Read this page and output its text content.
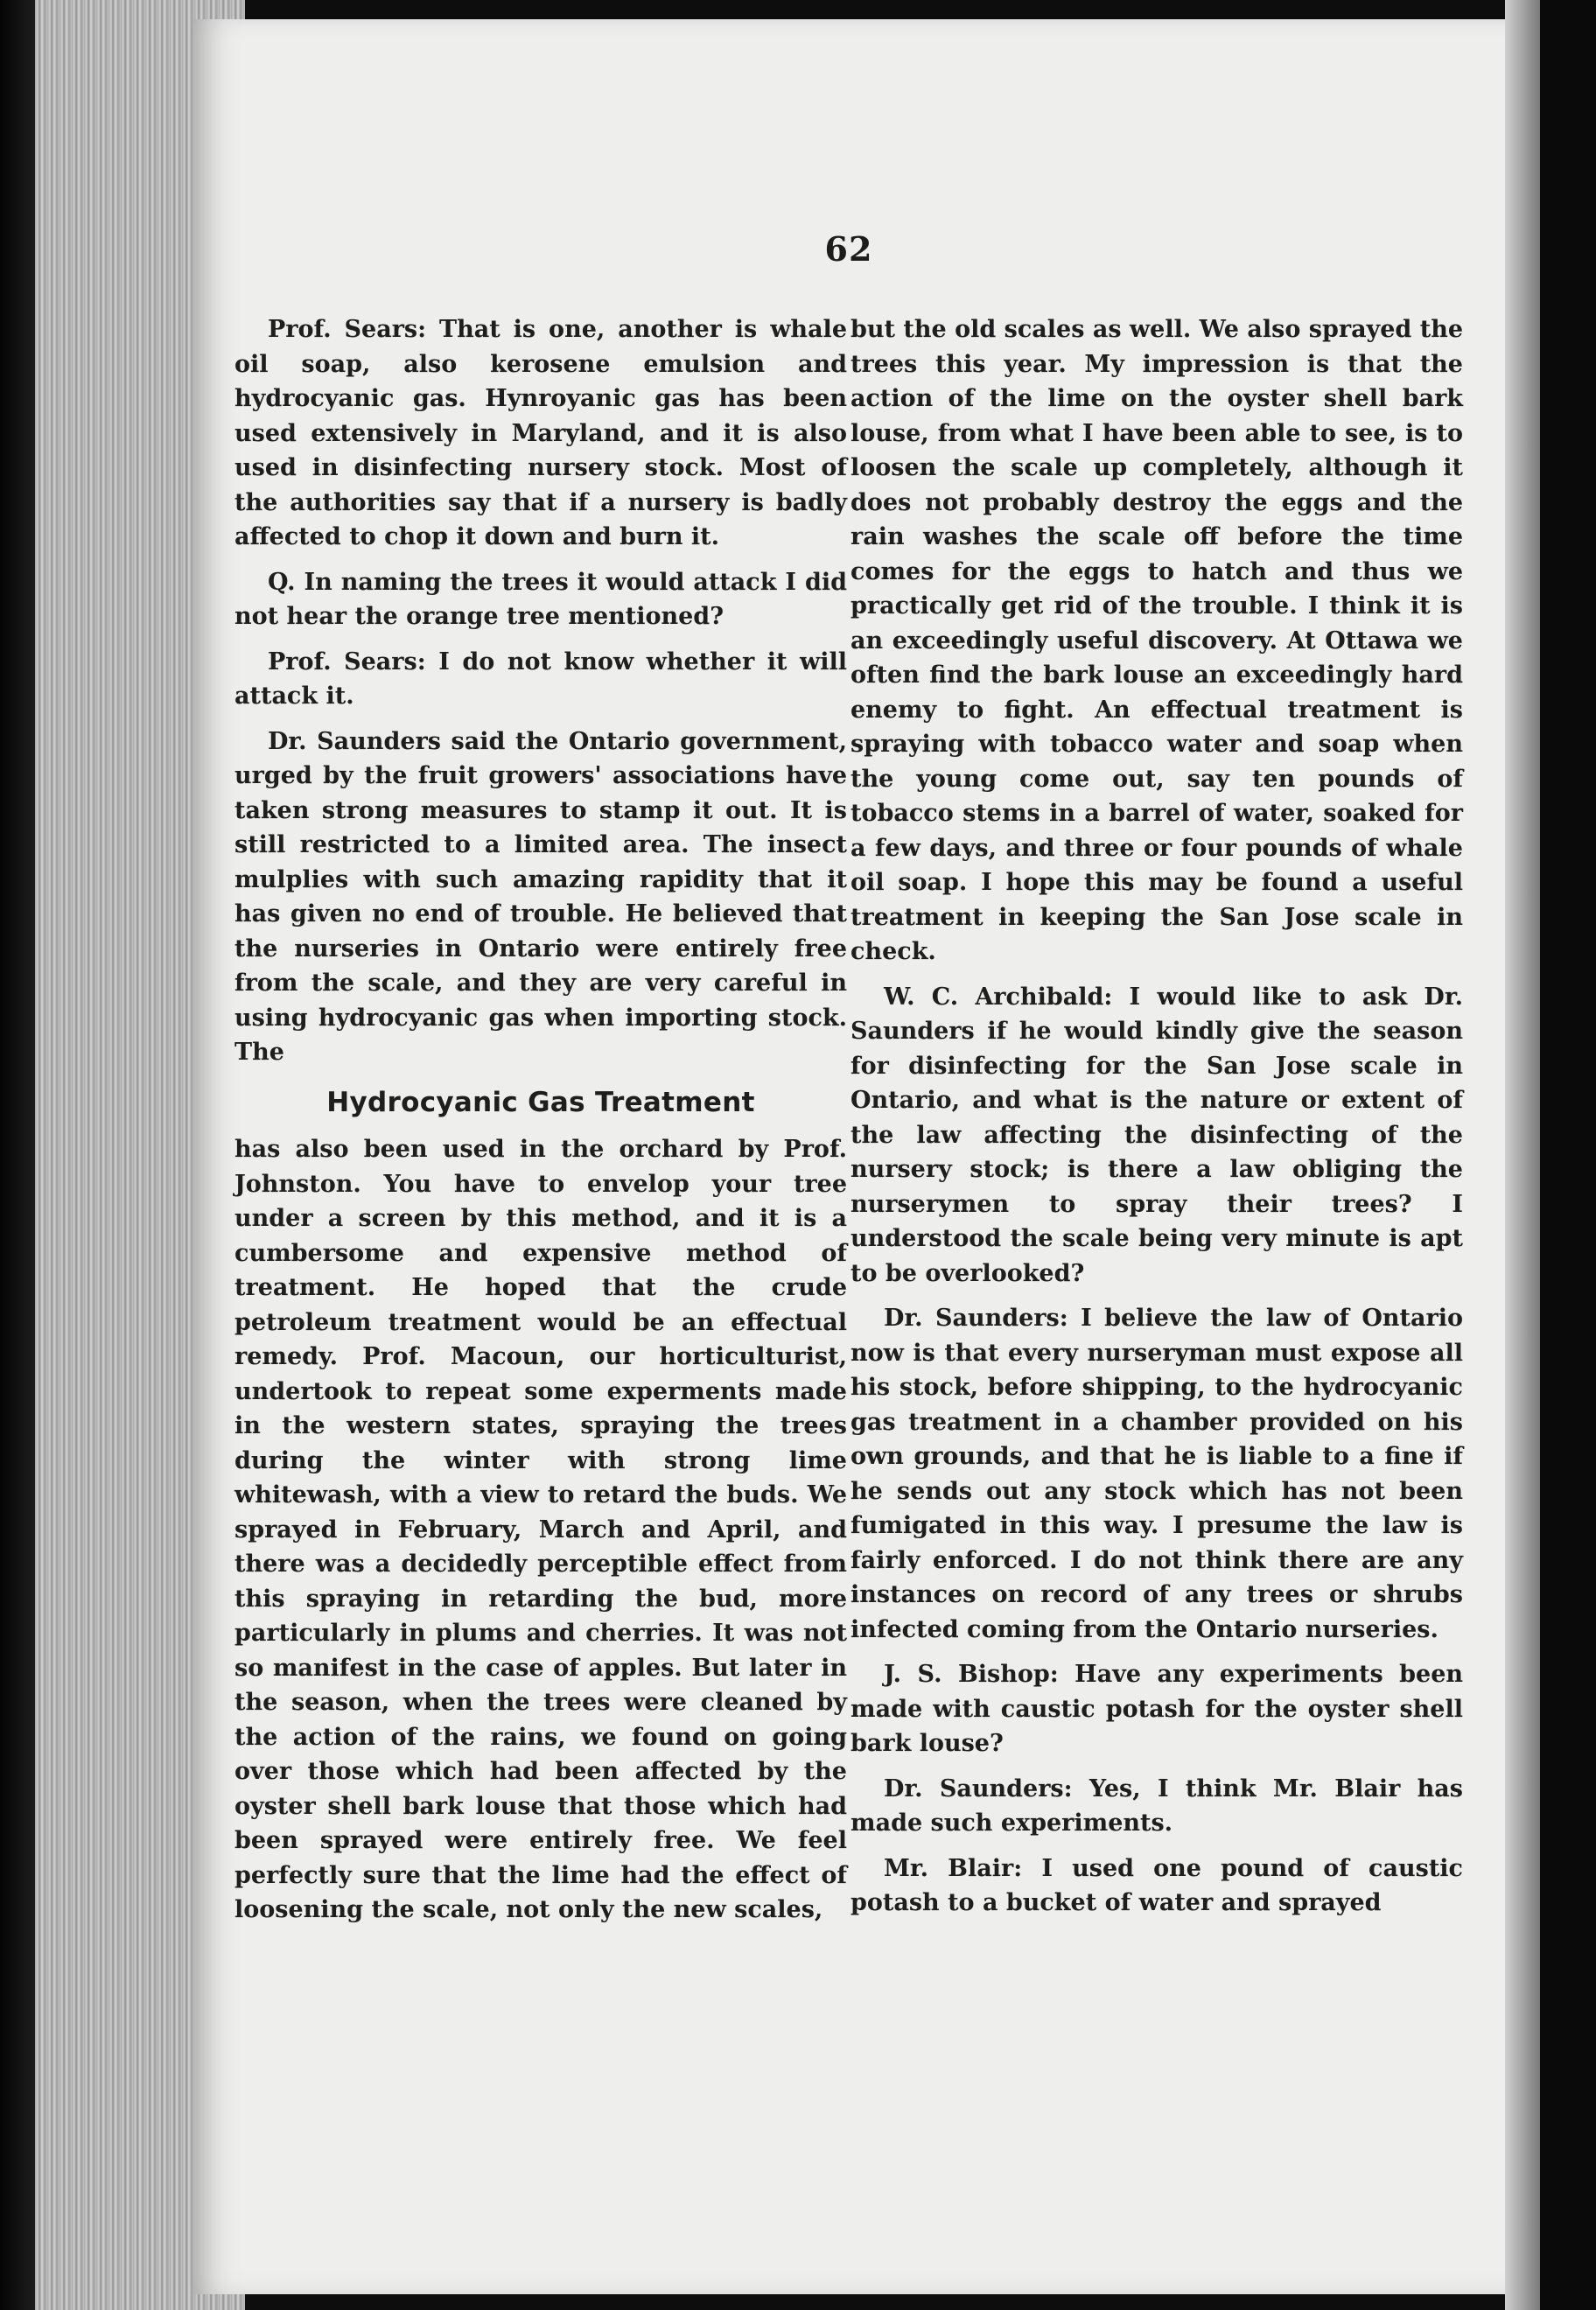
62

Prof. Sears: That is one, another is whale oil soap, also kerosene emulsion and hydrocyanic gas. Hynroyanic gas has been used extensively in Maryland, and it is also used in disinfecting nursery stock. Most of the authorities say that if a nursery is badly affected to chop it down and burn it.

Q. In naming the trees it would attack I did not hear the orange tree mentioned?

Prof. Sears: I do not know whether it will attack it.

Dr. Saunders said the Ontario government, urged by the fruit growers' associations have taken strong measures to stamp it out. It is still restricted to a limited area. The insect mulplies with such amazing rapidity that it has given no end of trouble. He believed that the nurseries in Ontario were entirely free from the scale, and they are very careful in using hydrocyanic gas when importing stock. The

Hydrocyanic Gas Treatment

has also been used in the orchard by Prof. Johnston. You have to envelop your tree under a screen by this method, and it is a cumbersome and expensive method of treatment. He hoped that the crude petroleum treatment would be an effectual remedy. Prof. Macoun, our horticulturist, undertook to repeat some experments made in the western states, spraying the trees during the winter with strong lime whitewash, with a view to retard the buds. We sprayed in February, March and April, and there was a decidedly perceptible effect from this spraying in retarding the bud, more particularly in plums and cherries. It was not so manifest in the case of apples. But later in the season, when the trees were cleaned by the action of the rains, we found on going over those which had been affected by the oyster shell bark louse that those which had been sprayed were entirely free. We feel perfectly sure that the lime had the effect of loosening the scale, not only the new scales,

but the old scales as well. We also sprayed the trees this year. My impression is that the action of the lime on the oyster shell bark louse, from what I have been able to see, is to loosen the scale up completely, although it does not probably destroy the eggs and the rain washes the scale off before the time comes for the eggs to hatch and thus we practically get rid of the trouble. I think it is an exceedingly useful discovery. At Ottawa we often find the bark louse an exceedingly hard enemy to fight. An effectual treatment is spraying with tobacco water and soap when the young come out, say ten pounds of tobacco stems in a barrel of water, soaked for a few days, and three or four pounds of whale oil soap. I hope this may be found a useful treatment in keeping the San Jose scale in check.

W. C. Archibald: I would like to ask Dr. Saunders if he would kindly give the season for disinfecting for the San Jose scale in Ontario, and what is the nature or extent of the law affecting the disinfecting of the nursery stock; is there a law obliging the nurserymen to spray their trees? I understood the scale being very minute is apt to be overlooked?

Dr. Saunders: I believe the law of Ontario now is that every nurseryman must expose all his stock, before shipping, to the hydrocyanic gas treatment in a chamber provided on his own grounds, and that he is liable to a fine if he sends out any stock which has not been fumigated in this way. I presume the law is fairly enforced. I do not think there are any instances on record of any trees or shrubs infected coming from the Ontario nurseries.

J. S. Bishop: Have any experiments been made with caustic potash for the oyster shell bark louse?

Dr. Saunders: Yes, I think Mr. Blair has made such experiments.

Mr. Blair: I used one pound of caustic potash to a bucket of water and sprayed
